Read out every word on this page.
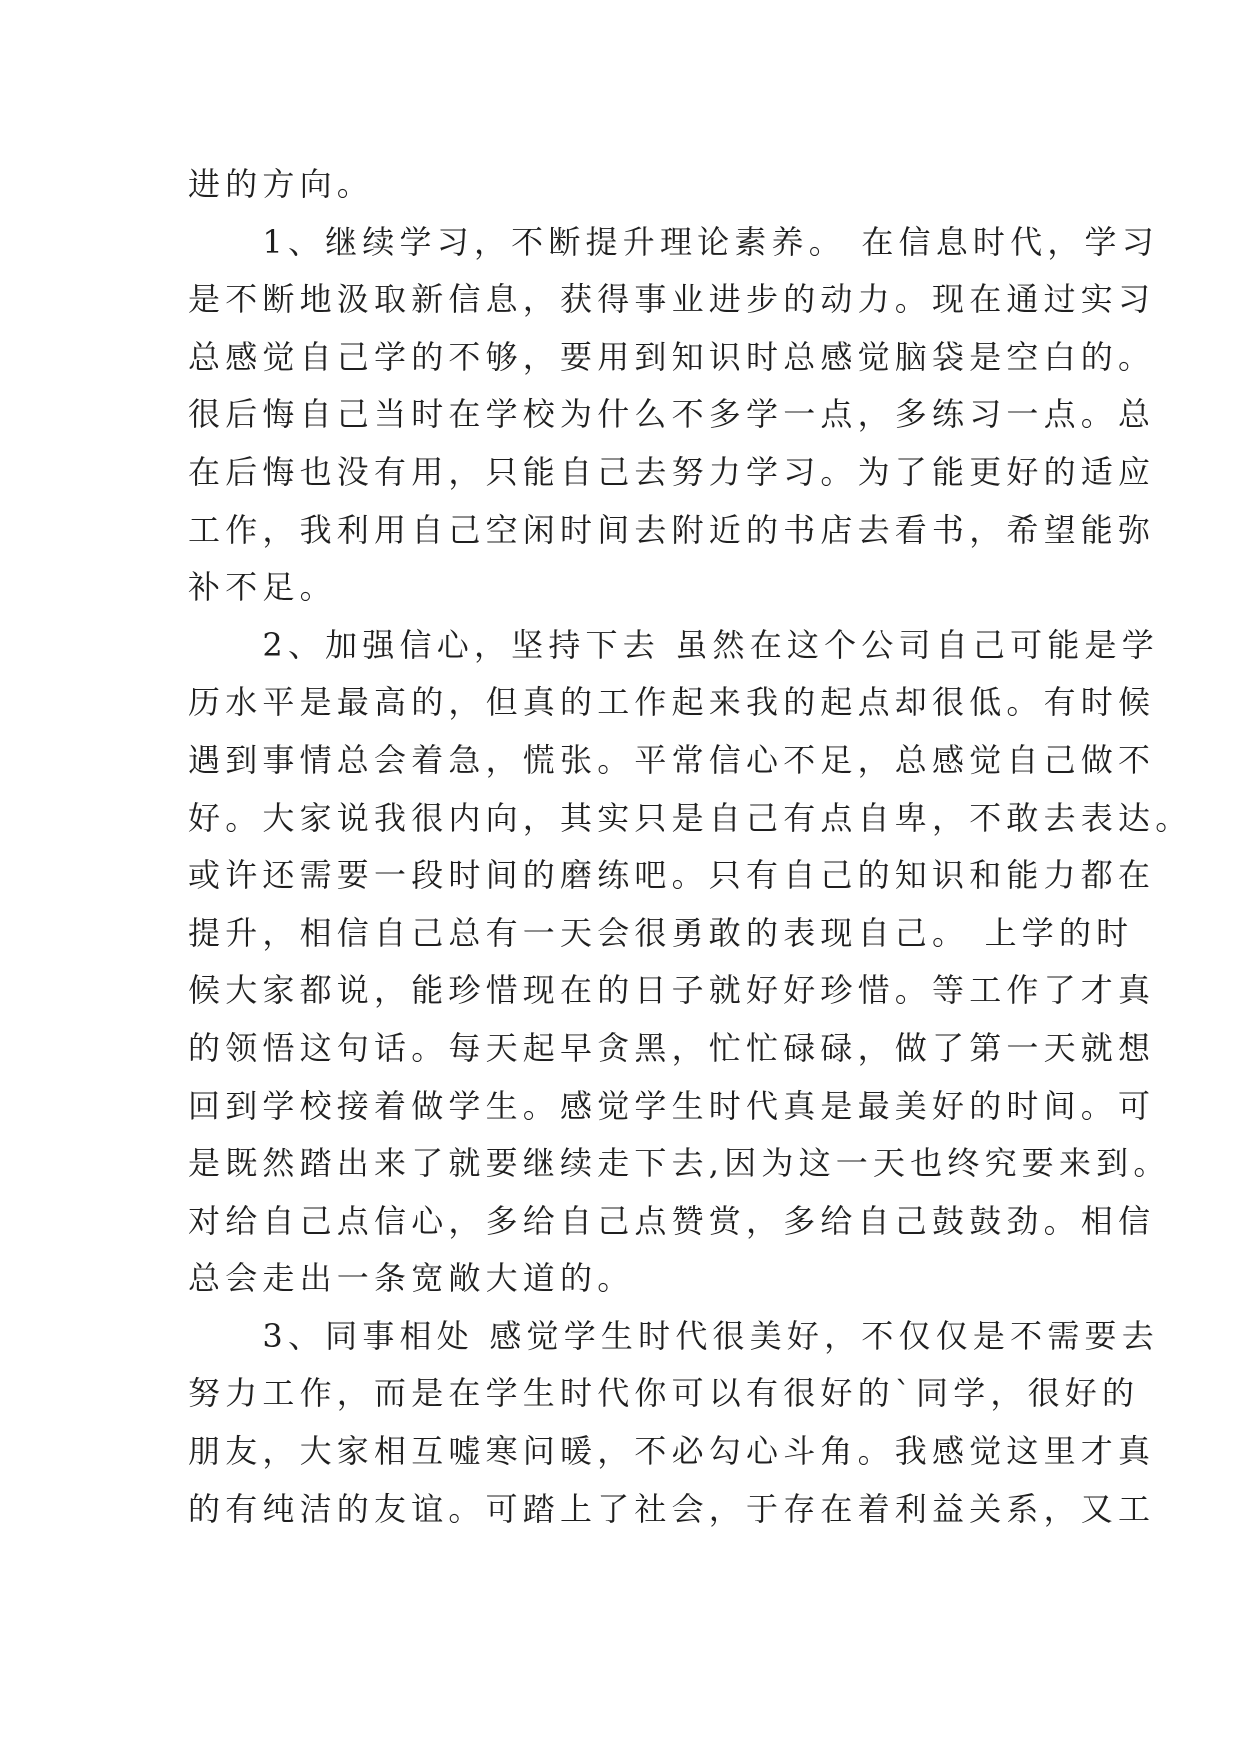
进的方向。
　　1、继续学习，不断提升理论素养。 在信息时代，学习
是不断地汲取新信息，获得事业进步的动力。现在通过实习
总感觉自己学的不够，要用到知识时总感觉脑袋是空白的。
很后悔自己当时在学校为什么不多学一点，多练习一点。总
在后悔也没有用，只能自己去努力学习。为了能更好的适应
工作，我利用自己空闲时间去附近的书店去看书，希望能弥
补不足。
　　2、加强信心，坚持下去 虽然在这个公司自己可能是学
历水平是最高的，但真的工作起来我的起点却很低。有时候
遇到事情总会着急，慌张。平常信心不足，总感觉自己做不
好。大家说我很内向，其实只是自己有点自卑，不敢去表达。
或许还需要一段时间的磨练吧。只有自己的知识和能力都在
提升，相信自己总有一天会很勇敢的表现自己。 上学的时
候大家都说，能珍惜现在的日子就好好珍惜。等工作了才真
的领悟这句话。每天起早贪黑，忙忙碌碌，做了第一天就想
回到学校接着做学生。感觉学生时代真是最美好的时间。可
是既然踏出来了就要继续走下去,因为这一天也终究要来到。
对给自己点信心，多给自己点赞赏，多给自己鼓鼓劲。相信
总会走出一条宽敞大道的。
　　3、同事相处 感觉学生时代很美好，不仅仅是不需要去
努力工作，而是在学生时代你可以有很好的`同学，很好的
朋友，大家相互嘘寒问暖，不必勾心斗角。我感觉这里才真
的有纯洁的友谊。可踏上了社会，于存在着利益关系，又工
